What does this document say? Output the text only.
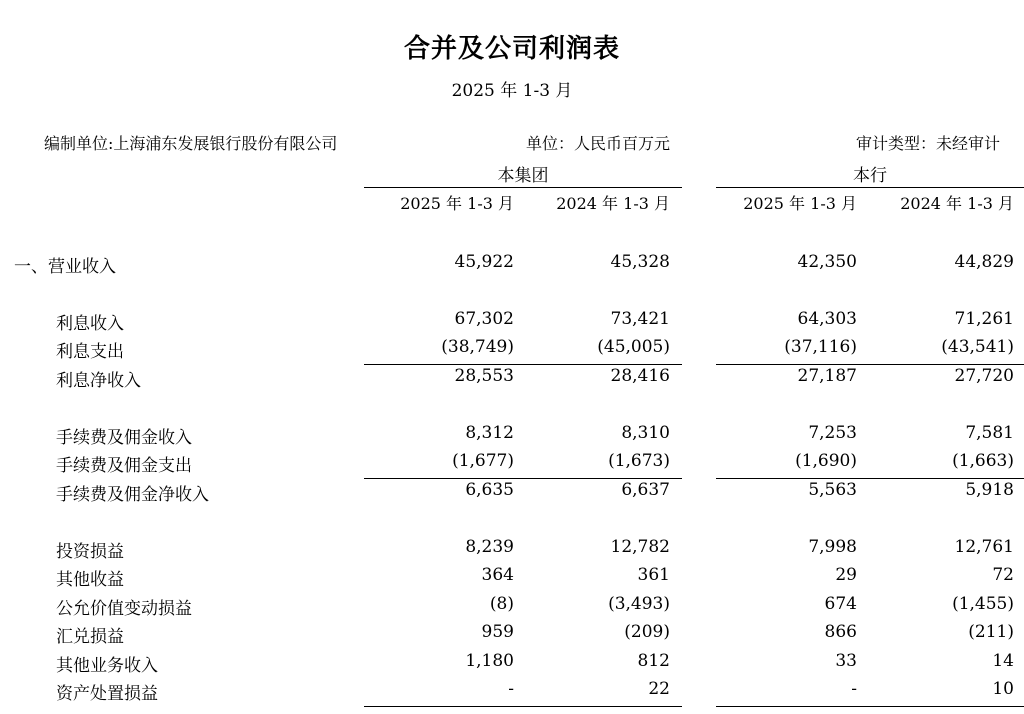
合并及公司利润表
2025 年 1-3 月
编制单位:上海浦东发展银行股份有限公司	单位：人民币百万元	审计类型：未经审计
本集团	本行
2025 年 1-3 月	2024 年 1-3 月	2025 年 1-3 月	2024 年 1-3 月
一、营业收入	45,922	45,328	42,350	44,829
利息收入	67,302	73,421	64,303	71,261
利息支出	(38,749)	(45,005)	(37,116)	(43,541)
利息净收入	28,553	28,416	27,187	27,720
手续费及佣金收入	8,312	8,310	7,253	7,581
手续费及佣金支出	(1,677)	(1,673)	(1,690)	(1,663)
手续费及佣金净收入	6,635	6,637	5,563	5,918
投资损益	8,239	12,782	7,998	12,761
其他收益	364	361	29	72
公允价值变动损益	(8)	(3,493)	674	(1,455)
汇兑损益	959	(209)	866	(211)
其他业务收入	1,180	812	33	14
资产处置损益	-	22	-	10
